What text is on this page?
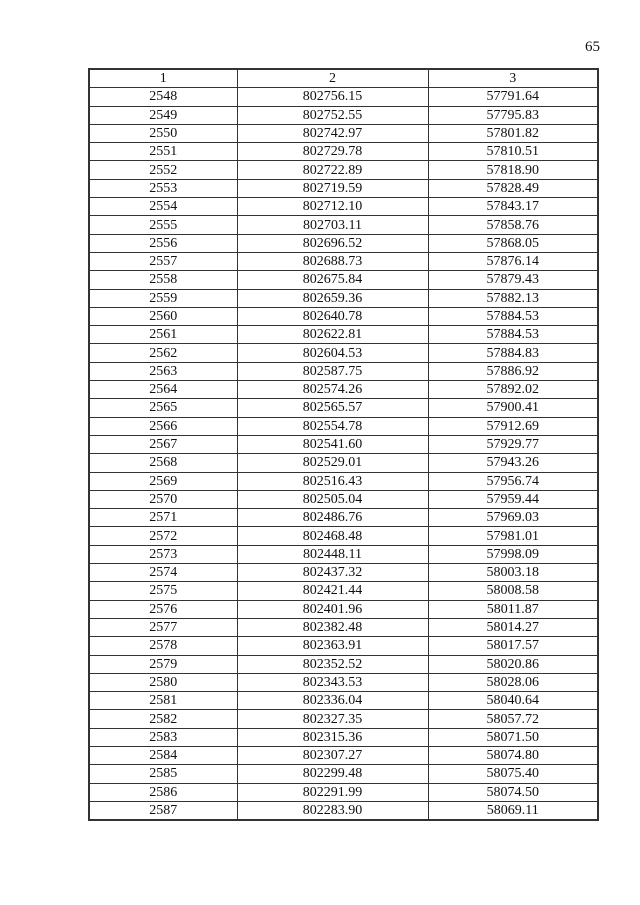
65
1	2	3
2548	802756.15	57791.64
2549	802752.55	57795.83
2550	802742.97	57801.82
2551	802729.78	57810.51
2552	802722.89	57818.90
2553	802719.59	57828.49
2554	802712.10	57843.17
2555	802703.11	57858.76
2556	802696.52	57868.05
2557	802688.73	57876.14
2558	802675.84	57879.43
2559	802659.36	57882.13
2560	802640.78	57884.53
2561	802622.81	57884.53
2562	802604.53	57884.83
2563	802587.75	57886.92
2564	802574.26	57892.02
2565	802565.57	57900.41
2566	802554.78	57912.69
2567	802541.60	57929.77
2568	802529.01	57943.26
2569	802516.43	57956.74
2570	802505.04	57959.44
2571	802486.76	57969.03
2572	802468.48	57981.01
2573	802448.11	57998.09
2574	802437.32	58003.18
2575	802421.44	58008.58
2576	802401.96	58011.87
2577	802382.48	58014.27
2578	802363.91	58017.57
2579	802352.52	58020.86
2580	802343.53	58028.06
2581	802336.04	58040.64
2582	802327.35	58057.72
2583	802315.36	58071.50
2584	802307.27	58074.80
2585	802299.48	58075.40
2586	802291.99	58074.50
2587	802283.90	58069.11
